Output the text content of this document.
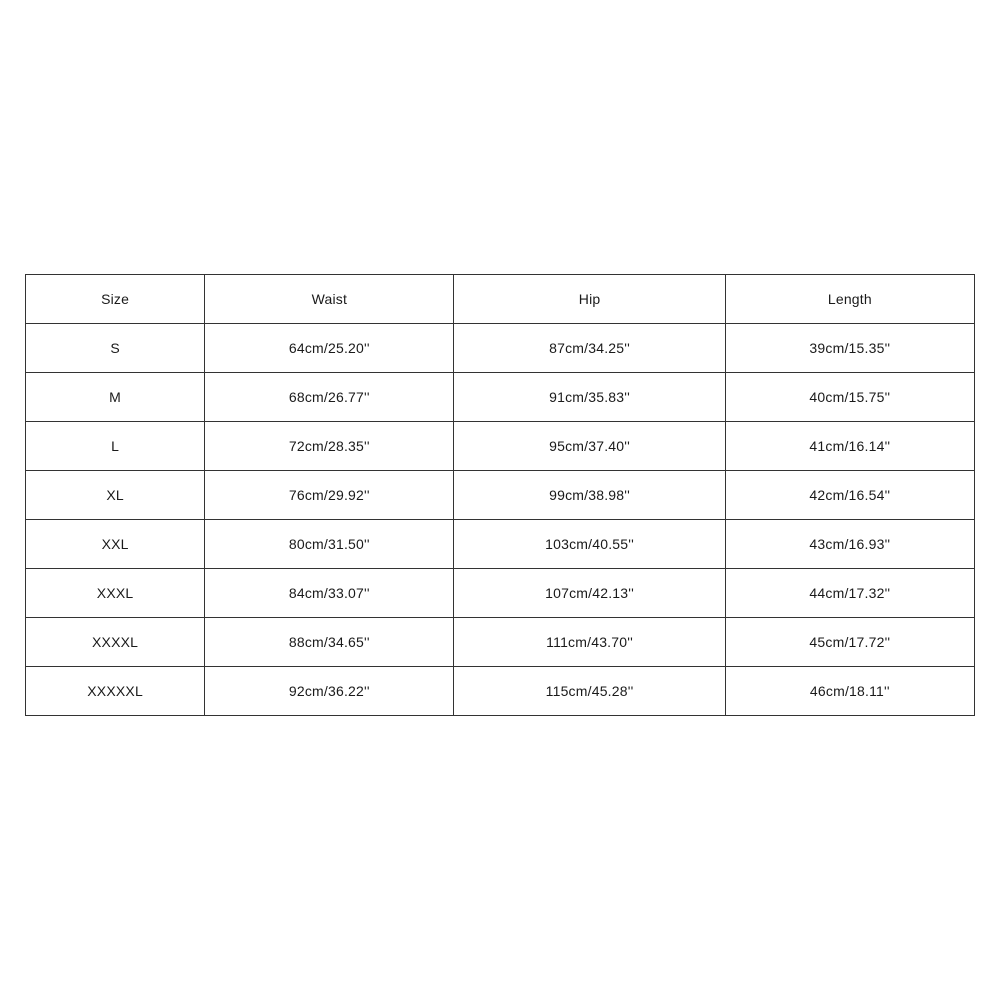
Size	Waist	Hip	Length
S	64cm/25.20''	87cm/34.25''	39cm/15.35''
M	68cm/26.77''	91cm/35.83''	40cm/15.75''
L	72cm/28.35''	95cm/37.40''	41cm/16.14''
XL	76cm/29.92''	99cm/38.98''	42cm/16.54''
XXL	80cm/31.50''	103cm/40.55''	43cm/16.93''
XXXL	84cm/33.07''	107cm/42.13''	44cm/17.32''
XXXXL	88cm/34.65''	111cm/43.70''	45cm/17.72''
XXXXXL	92cm/36.22''	115cm/45.28''	46cm/18.11''
